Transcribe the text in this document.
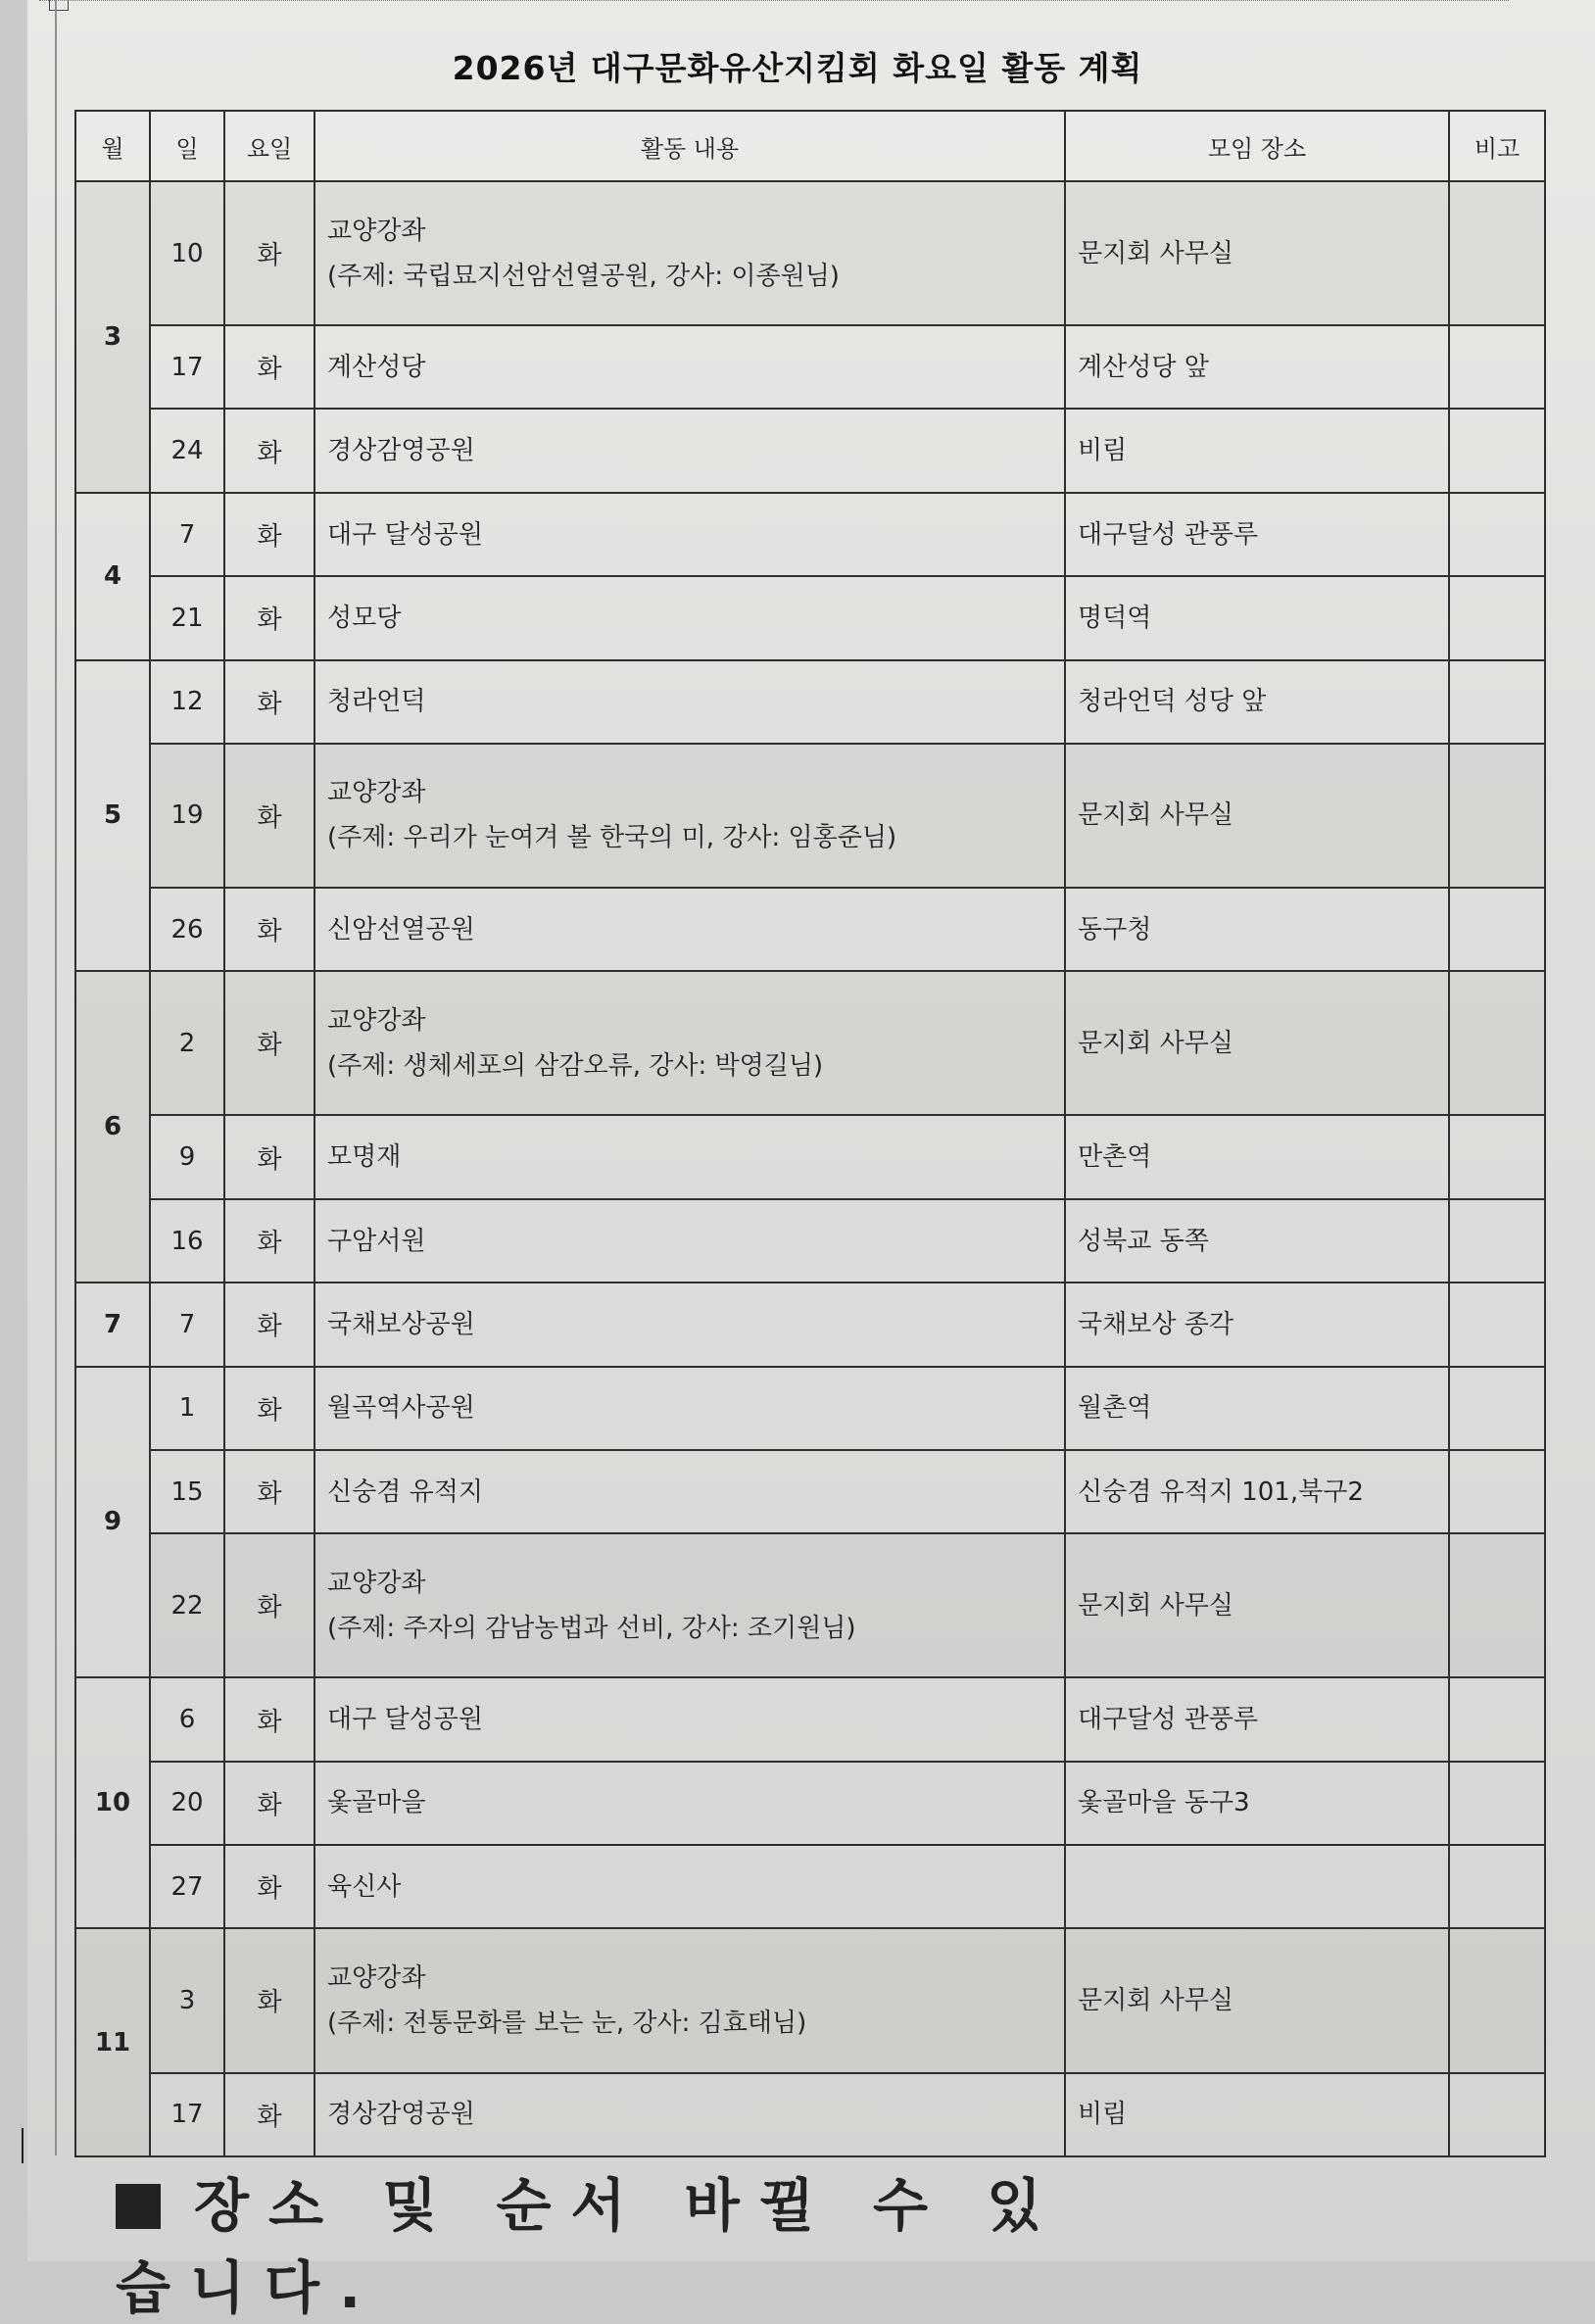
2026년 대구문화유산지킴회 화요일 활동 계획
월	일	요일	활동 내용	모임 장소	비고
3	10	화	교양강좌
(주제: 국립묘지선암선열공원, 강사: 이종원님)	문지회 사무실	
	17	화	계산성당	계산성당 앞	
	24	화	경상감영공원	비림	
4	7	화	대구 달성공원	대구달성 관풍루	
	21	화	성모당	명덕역	
5	12	화	청라언덕	청라언덕 성당 앞	
	19	화	교양강좌
(주제: 우리가 눈여겨 볼 한국의 미, 강사: 임홍준님)	문지회 사무실	
	26	화	신암선열공원	동구청	
6	2	화	교양강좌
(주제: 생체세포의 삼감오류, 강사: 박영길님)	문지회 사무실	
	9	화	모명재	만촌역	
	16	화	구암서원	성북교 동쪽	
7	7	화	국채보상공원	국채보상 종각	
9	1	화	월곡역사공원	월촌역	
	15	화	신숭겸 유적지	신숭겸 유적지 101,북구2	
	22	화	교양강좌
(주제: 주자의 감남농법과 선비, 강사: 조기원님)	문지회 사무실	
10	6	화	대구 달성공원	대구달성 관풍루	
	20	화	옻골마을	옻골마을 동구3	
	27	화	육신사		

11	3	화	교양강좌
(주제: 전통문화를 보는 눈, 강사: 김효태님)	문지회 사무실	
	17	화	경상감영공원	비림	
장소 및 순서 바뀔 수 있습니다.
